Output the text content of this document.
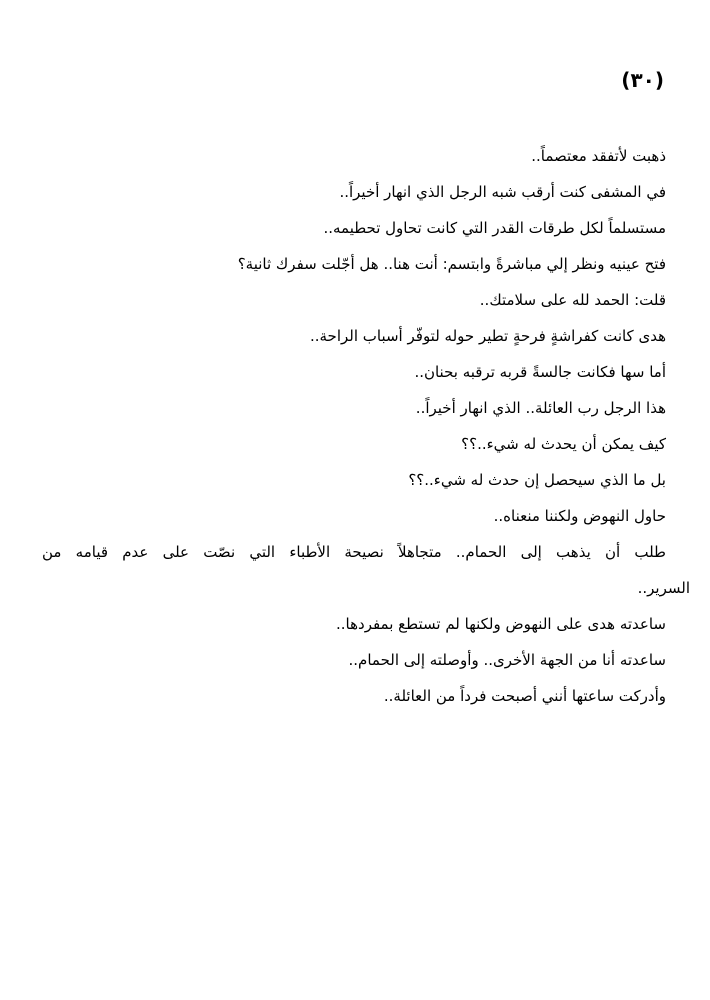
(٣٠)
ذهبت لأتفقد معتصماً..
في المشفى كنت أرقب شبه الرجل الذي انهار أخيراً..
مستسلماً لكل طرقات القدر التي كانت تحاول تحطيمه..
فتح عينيه ونظر إلي مباشرةً وابتسم: أنت هنا.. هل أجّلت سفرك ثانية؟
قلت: الحمد لله على سلامتك..
هدى كانت كفراشةٍ فرحةٍ تطير حوله لتوفّر أسباب الراحة..
أما سها فكانت جالسةً قربه ترقبه بحنان..
هذا الرجل رب العائلة.. الذي انهار أخيراً..
كيف يمكن أن يحدث له شيء..؟؟
بل ما الذي سيحصل إن حدث له شيء..؟؟
حاول النهوض ولكننا منعناه..
طلب أن يذهب إلى الحمام.. متجاهلاً نصيحة الأطباء التي نصّت على عدم قيامه من
السرير..
ساعدته هدى على النهوض ولكنها لم تستطع بمفردها..
ساعدته أنا من الجهة الأخرى.. وأوصلته إلى الحمام..
وأدركت ساعتها أنني أصبحت فرداً من العائلة..
